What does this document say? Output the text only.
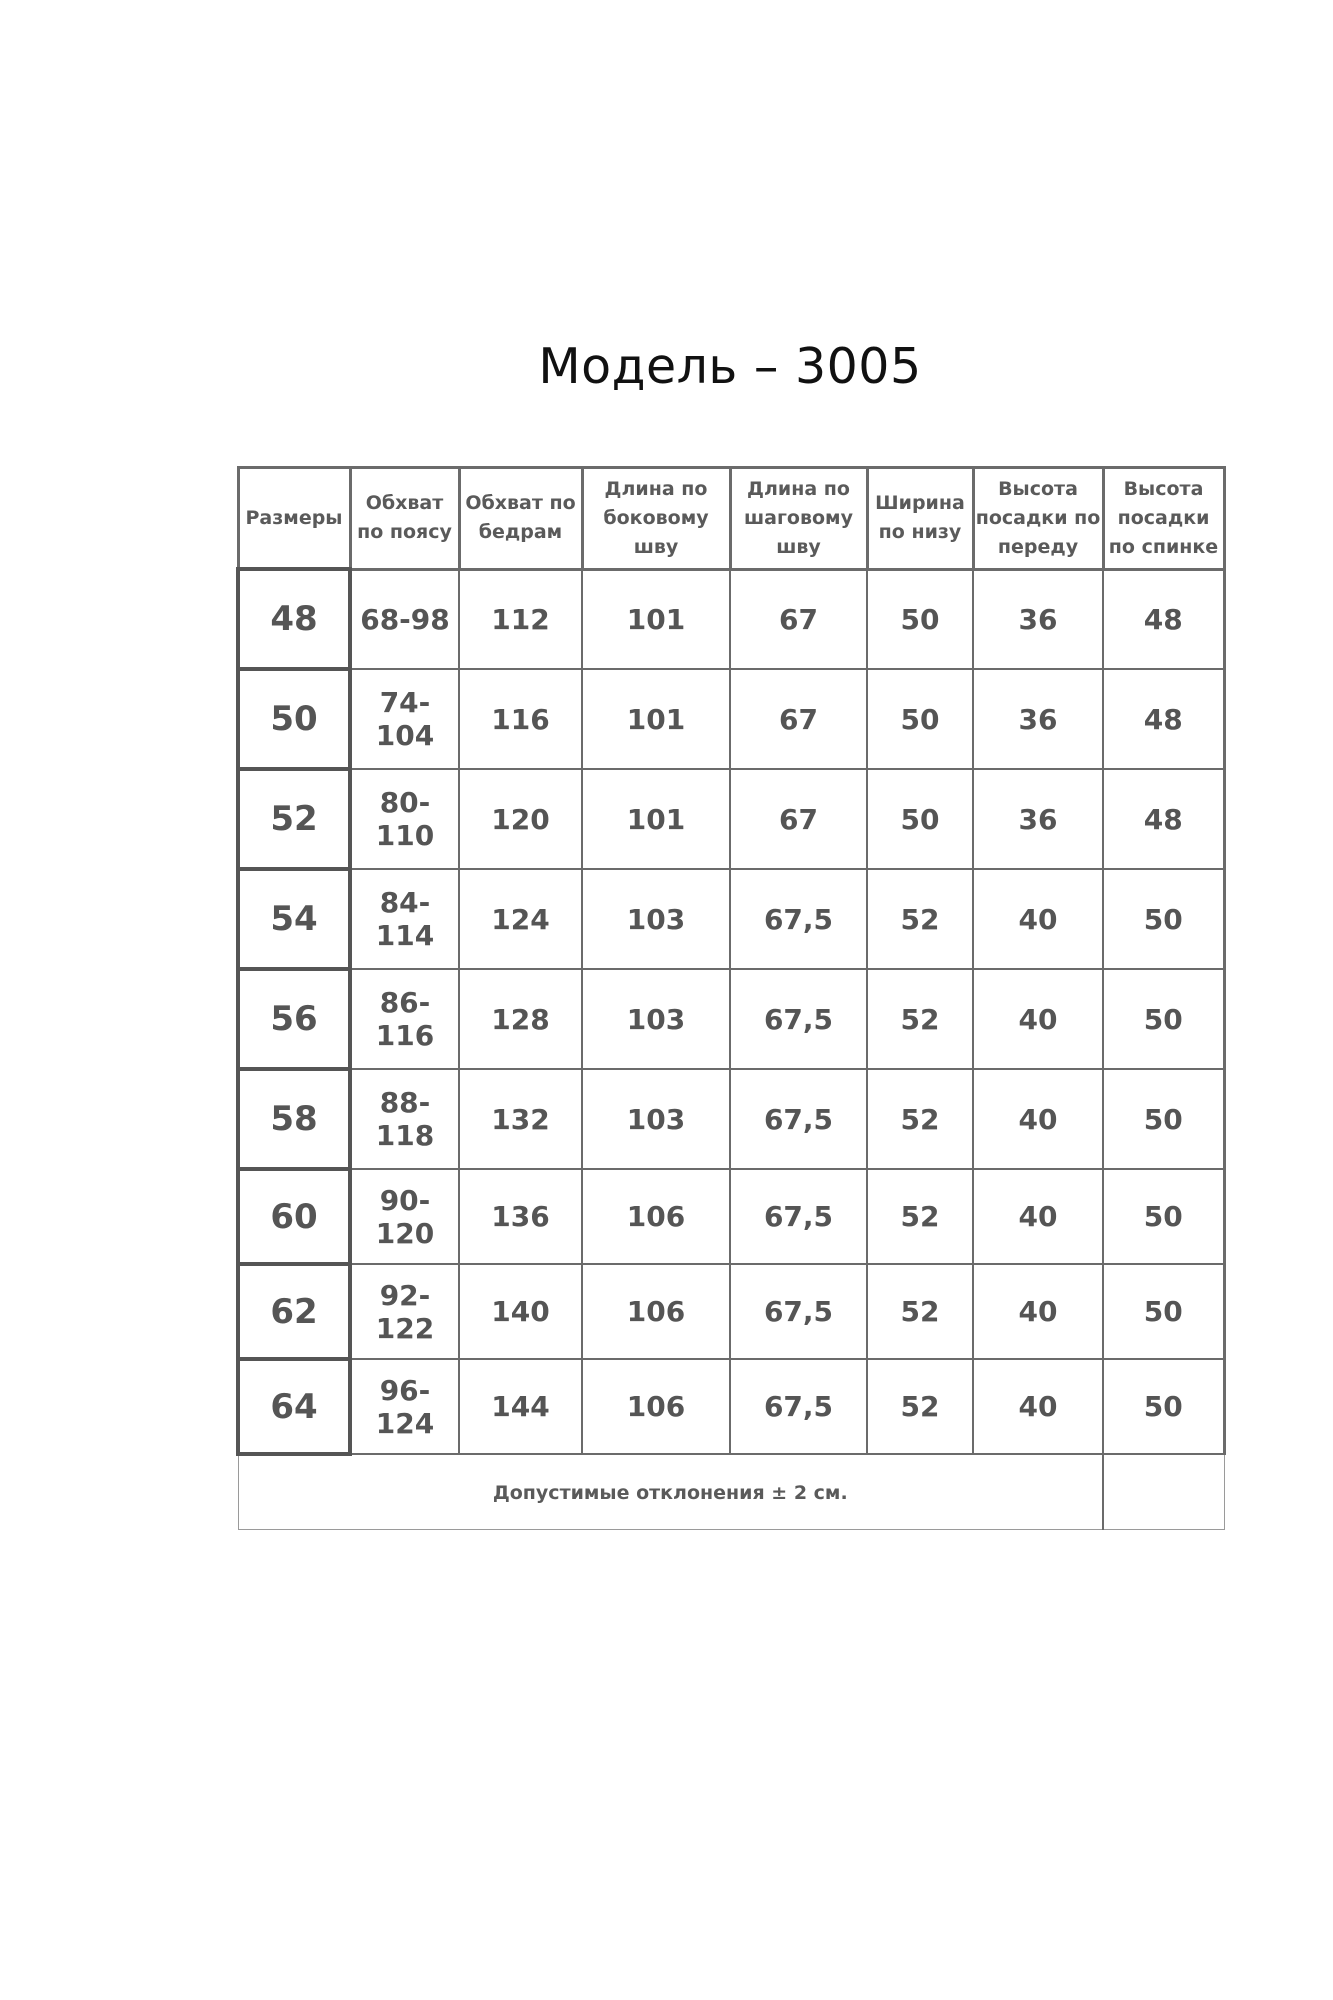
Модель – 3005
Размеры	Обхват по поясу	Обхват по бедрам	Длина по боковому шву	Длина по шаговому шву	Ширина по низу	Высота посадки по переду	Высота посадки по спинке
48	68-98	112	101	67	50	36	48
50	74-104	116	101	67	50	36	48
52	80-110	120	101	67	50	36	48
54	84-114	124	103	67,5	52	40	50
56	86-116	128	103	67,5	52	40	50
58	88-118	132	103	67,5	52	40	50
60	90-120	136	106	67,5	52	40	50
62	92-122	140	106	67,5	52	40	50
64	96-124	144	106	67,5	52	40	50
Допустимые отклонения ± 2 см.							
